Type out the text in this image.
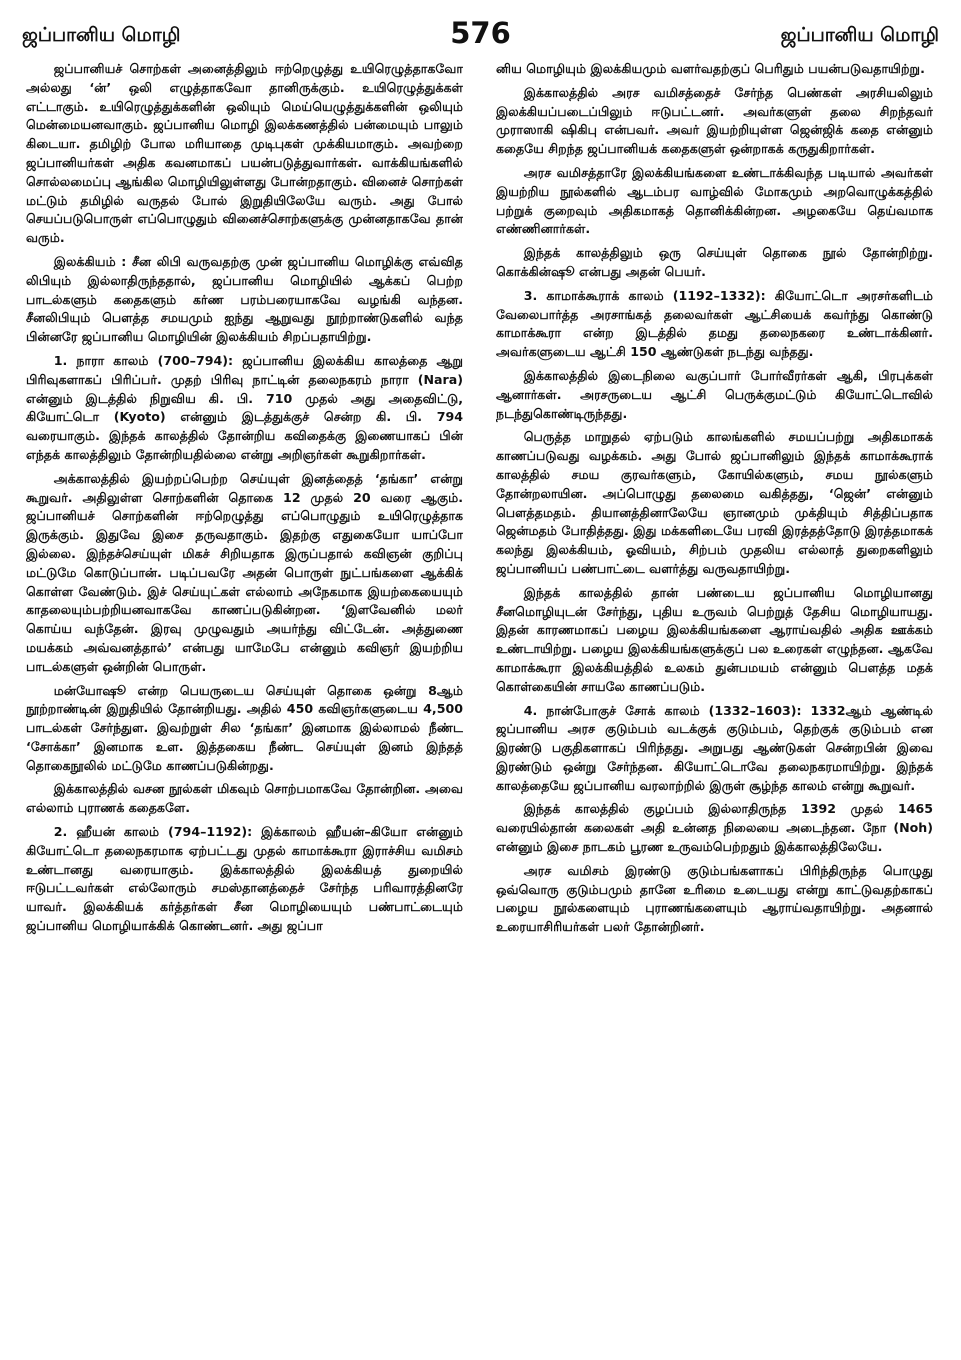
ஜப்பானிய மொழி	576	ஜப்பானிய மொழி

ஜப்பானியச் சொற்கள் அனைத்திலும் ஈற்றெழுத்து உயிரெழுத்தாகவோ அல்லது ‘ன்’ ஒலி எழுத்தாகவோ தானிருக்கும். உயிரெழுத்துக்கள் எட்டாகும். உயிரெழுத்துக்களின் ஒலியும் மெய்யெழுத்துக்களின் ஒலியும் மென்மையனவாகும். ஜப்பானிய மொழி இலக்கணத்தில் பன்மையும் பாலும் கிடையா. தமிழிற் போல மரியாதை முடிபுகள் முக்கியமாகும். அவற்றை ஜப்பானியர்கள் அதிக கவனமாகப் பயன்படுத்துவார்கள். வாக்கியங்களில் சொல்லமைப்பு ஆங்கில மொழியிலுள்ளது போன்றதாகும். வினைச் சொற்கள் மட்டும் தமிழில் வருதல் போல் இறுதியிலேயே வரும். அது போல் செயப்படுபொருள் எப்பொழுதும் வினைச்சொற்களுக்கு முன்னதாகவே தான் வரும்.

இலக்கியம் : சீன லிபி வருவதற்கு முன் ஜப்பானிய மொழிக்கு எவ்வித லிபியும் இல்லாதிருந்ததால், ஜப்பானிய மொழியில் ஆக்கப் பெற்ற பாடல்களும் கதைகளும் கர்ண பரம்பரையாகவே வழங்கி வந்தன. சீனலிபியும் பௌத்த சமயமும் ஐந்து ஆறுவது நூற்றாண்டுகளில் வந்த பின்னரே ஜப்பானிய மொழியின் இலக்கியம் சிறப்பதாயிற்று.

1. நாரா காலம் (700–794): ஜப்பானிய இலக்கிய காலத்தை ஆறு பிரிவுகளாகப் பிரிப்பர். முதற் பிரிவு நாட்டின் தலைநகரம் நாரா (Nara) என்னும் இடத்தில் நிறுவிய கி. பி. 710 முதல் அது அதைவிட்டு, கியோட்டொ (Kyoto) என்னும் இடத்துக்குச் சென்ற கி. பி. 794 வரையாகும். இந்தக் காலத்தில் தோன்றிய கவிதைக்கு இணையாகப் பின் எந்தக் காலத்திலும் தோன்றியதில்லை என்று அறிஞர்கள் கூறுகிறார்கள்.

அக்காலத்தில் இயற்றப்பெற்ற செய்யுள் இனத்தைத் ‘தங்கா’ என்று கூறுவர். அதிலுள்ள சொற்களின் தொகை 12 முதல் 20 வரை ஆகும். ஜப்பானியச் சொற்களின் ஈற்றெழுத்து எப்பொழுதும் உயிரெழுத்தாக இருக்கும். இதுவே இசை தருவதாகும். இதற்கு எதுகையோ யாப்போ இல்லை. இந்தச்செய்யுள் மிகச் சிறியதாக இருப்பதால் கவிஞன் குறிப்பு மட்டுமே கொடுப்பான். படிப்பவரே அதன் பொருள் நுட்பங்களை ஆக்கிக் கொள்ள வேண்டும். இச் செய்யுட்கள் எல்லாம் அநேகமாக இயற்கையையும் காதலையும்பற்றியனவாகவே காணப்படுகின்றன. ‘இளவேனில் மலர் கொய்ய வந்தேன். இரவு முழுவதும் அயர்ந்து விட்டேன். அத்துணை மயக்கம் அவ்வனத்தால்’ என்பது யாமேபே என்னும் கவிஞர் இயற்றிய பாடல்களுள் ஒன்றின் பொருள்.

மன்யோஷூ என்ற பெயருடைய செய்யுள் தொகை ஒன்று 8ஆம் நூற்றாண்டின் இறுதியில் தோன்றியது. அதில் 450 கவிஞர்களுடைய 4,500 பாடல்கள் சேர்ந்துள. இவற்றுள் சில ‘தங்கா’ இனமாக இல்லாமல் நீண்ட ‘சோக்கா’ இனமாக உள. இத்தகைய நீண்ட செய்யுள் இனம் இந்தத் தொகைநூலில் மட்டுமே காணப்படுகின்றது.

இக்காலத்தில் வசன நூல்கள் மிகவும் சொற்பமாகவே தோன்றின. அவை எல்லாம் புராணக் கதைகளே.

2. ஹீயன் காலம் (794–1192): இக்காலம் ஹீயன்–கியோ என்னும் கியோட்டொ தலைநகரமாக ஏற்பட்டது முதல் காமாக்கூரா இராச்சிய வமிசம் உண்டானது வரையாகும். இக்காலத்தில் இலக்கியத் துறையில் ஈடுபட்டவர்கள் எல்லோரும் சமஸ்தானத்தைச் சேர்ந்த பரிவாரத்தினரே யாவர். இலக்கியக் கர்த்தர்கள் சீன மொழியையும் பண்பாட்டையும் ஜப்பானிய மொழியாக்கிக் கொண்டனர். அது ஜப்பா

னிய மொழியும் இலக்கியமும் வளர்வதற்குப் பெரிதும் பயன்படுவதாயிற்று.

இக்காலத்தில் அரச வமிசத்தைச் சேர்ந்த பெண்கள் அரசியலிலும் இலக்கியப்படைப்பிலும் ஈடுபட்டனர். அவர்களுள் தலை சிறந்தவர் முராஸாகி ஷிகிபு என்பவர். அவர் இயற்றியுள்ள ஜென்ஜிக் கதை என்னும் கதையே சிறந்த ஜப்பானியக் கதைகளுள் ஒன்றாகக் கருதுகிறார்கள்.

அரச வமிசத்தாரே இலக்கியங்களை உண்டாக்கிவந்த படியால் அவர்கள் இயற்றிய நூல்களில் ஆடம்பர வாழ்வில் மோகமும் அறவொழுக்கத்தில் பற்றுக் குறைவும் அதிகமாகத் தொனிக்கின்றன. அழகையே தெய்வமாக எண்ணினார்கள்.

இந்தக் காலத்திலும் ஒரு செய்யுள் தொகை நூல் தோன்றிற்று. கொக்கின்ஷூ என்பது அதன் பெயர்.

3. காமாக்கூராக் காலம் (1192–1332): கியோட்டொ அரசர்களிடம் வேலைபார்த்த அரசாங்கத் தலைவர்கள் ஆட்சியைக் கவர்ந்து கொண்டு காமாக்கூரா என்ற இடத்தில் தமது தலைநகரை உண்டாக்கினர். அவர்களுடைய ஆட்சி 150 ஆண்டுகள் நடந்து வந்தது.

இக்காலத்தில் இடைநிலை வகுப்பார் போர்வீரர்கள் ஆகி, பிரபுக்கள் ஆனார்கள். அரசருடைய ஆட்சி பெருக்குமட்டும் கியோட்டொவில் நடந்துகொண்டிருந்தது.

பெருத்த மாறுதல் ஏற்படும் காலங்களில் சமயப்பற்று அதிகமாகக் காணப்படுவது வழக்கம். அது போல் ஜப்பானிலும் இந்தக் காமாக்கூராக் காலத்தில் சமய குரவர்களும், கோயில்களும், சமய நூல்களும் தோன்றலாயின. அப்பொழுது தலைமை வகித்தது, ‘ஜென்’ என்னும் பௌத்தமதம். தியானத்தினாலேயே ஞானமும் முக்தியும் சித்திப்பதாக ஜென்மதம் போதித்தது. இது மக்களிடையே பரவி இரத்தத்தோடு இரத்தமாகக் கலந்து இலக்கியம், ஓவியம், சிற்பம் முதலிய எல்லாத் துறைகளிலும் ஜப்பானியப் பண்பாட்டை வளர்த்து வருவதாயிற்று.

இந்தக் காலத்தில் தான் பண்டைய ஜப்பானிய மொழியானது சீனமொழியுடன் சேர்ந்து, புதிய உருவம் பெற்றுத் தேசிய மொழியாயது. இதன் காரணமாகப் பழைய இலக்கியங்களை ஆராய்வதில் அதிக ஊக்கம் உண்டாயிற்று. பழைய இலக்கியங்களுக்குப் பல உரைகள் எழுந்தன. ஆகவே காமாக்கூரா இலக்கியத்தில் உலகம் துன்பமயம் என்னும் பௌத்த மதக் கொள்கையின் சாயலே காணப்படும்.

4. நான்போகுச் சோக் காலம் (1332–1603): 1332ஆம் ஆண்டில் ஜப்பானிய அரச குடும்பம் வடக்குக் குடும்பம், தெற்குக் குடும்பம் என இரண்டு பகுதிகளாகப் பிரிந்தது. அறுபது ஆண்டுகள் சென்றபின் இவை இரண்டும் ஒன்று சேர்ந்தன. கியோட்டொவே தலைநகரமாயிற்று. இந்தக் காலத்தையே ஜப்பானிய வரலாற்றில் இருள் சூழ்ந்த காலம் என்று கூறுவர்.

இந்தக் காலத்தில் குழப்பம் இல்லாதிருந்த 1392 முதல் 1465 வரையில்தான் கலைகள் அதி உன்னத நிலையை அடைந்தன. நோ (Noh) என்னும் இசை நாடகம் பூரண உருவம்பெற்றதும் இக்காலத்திலேயே.

அரச வமிசம் இரண்டு குடும்பங்களாகப் பிரிந்திருந்த பொழுது ஒவ்வொரு குடும்பமும் தானே உரிமை உடையது என்று காட்டுவதற்காகப் பழைய நூல்களையும் புராணங்களையும் ஆராய்வதாயிற்று. அதனால் உரையாசிரியர்கள் பலர் தோன்றினர்.
